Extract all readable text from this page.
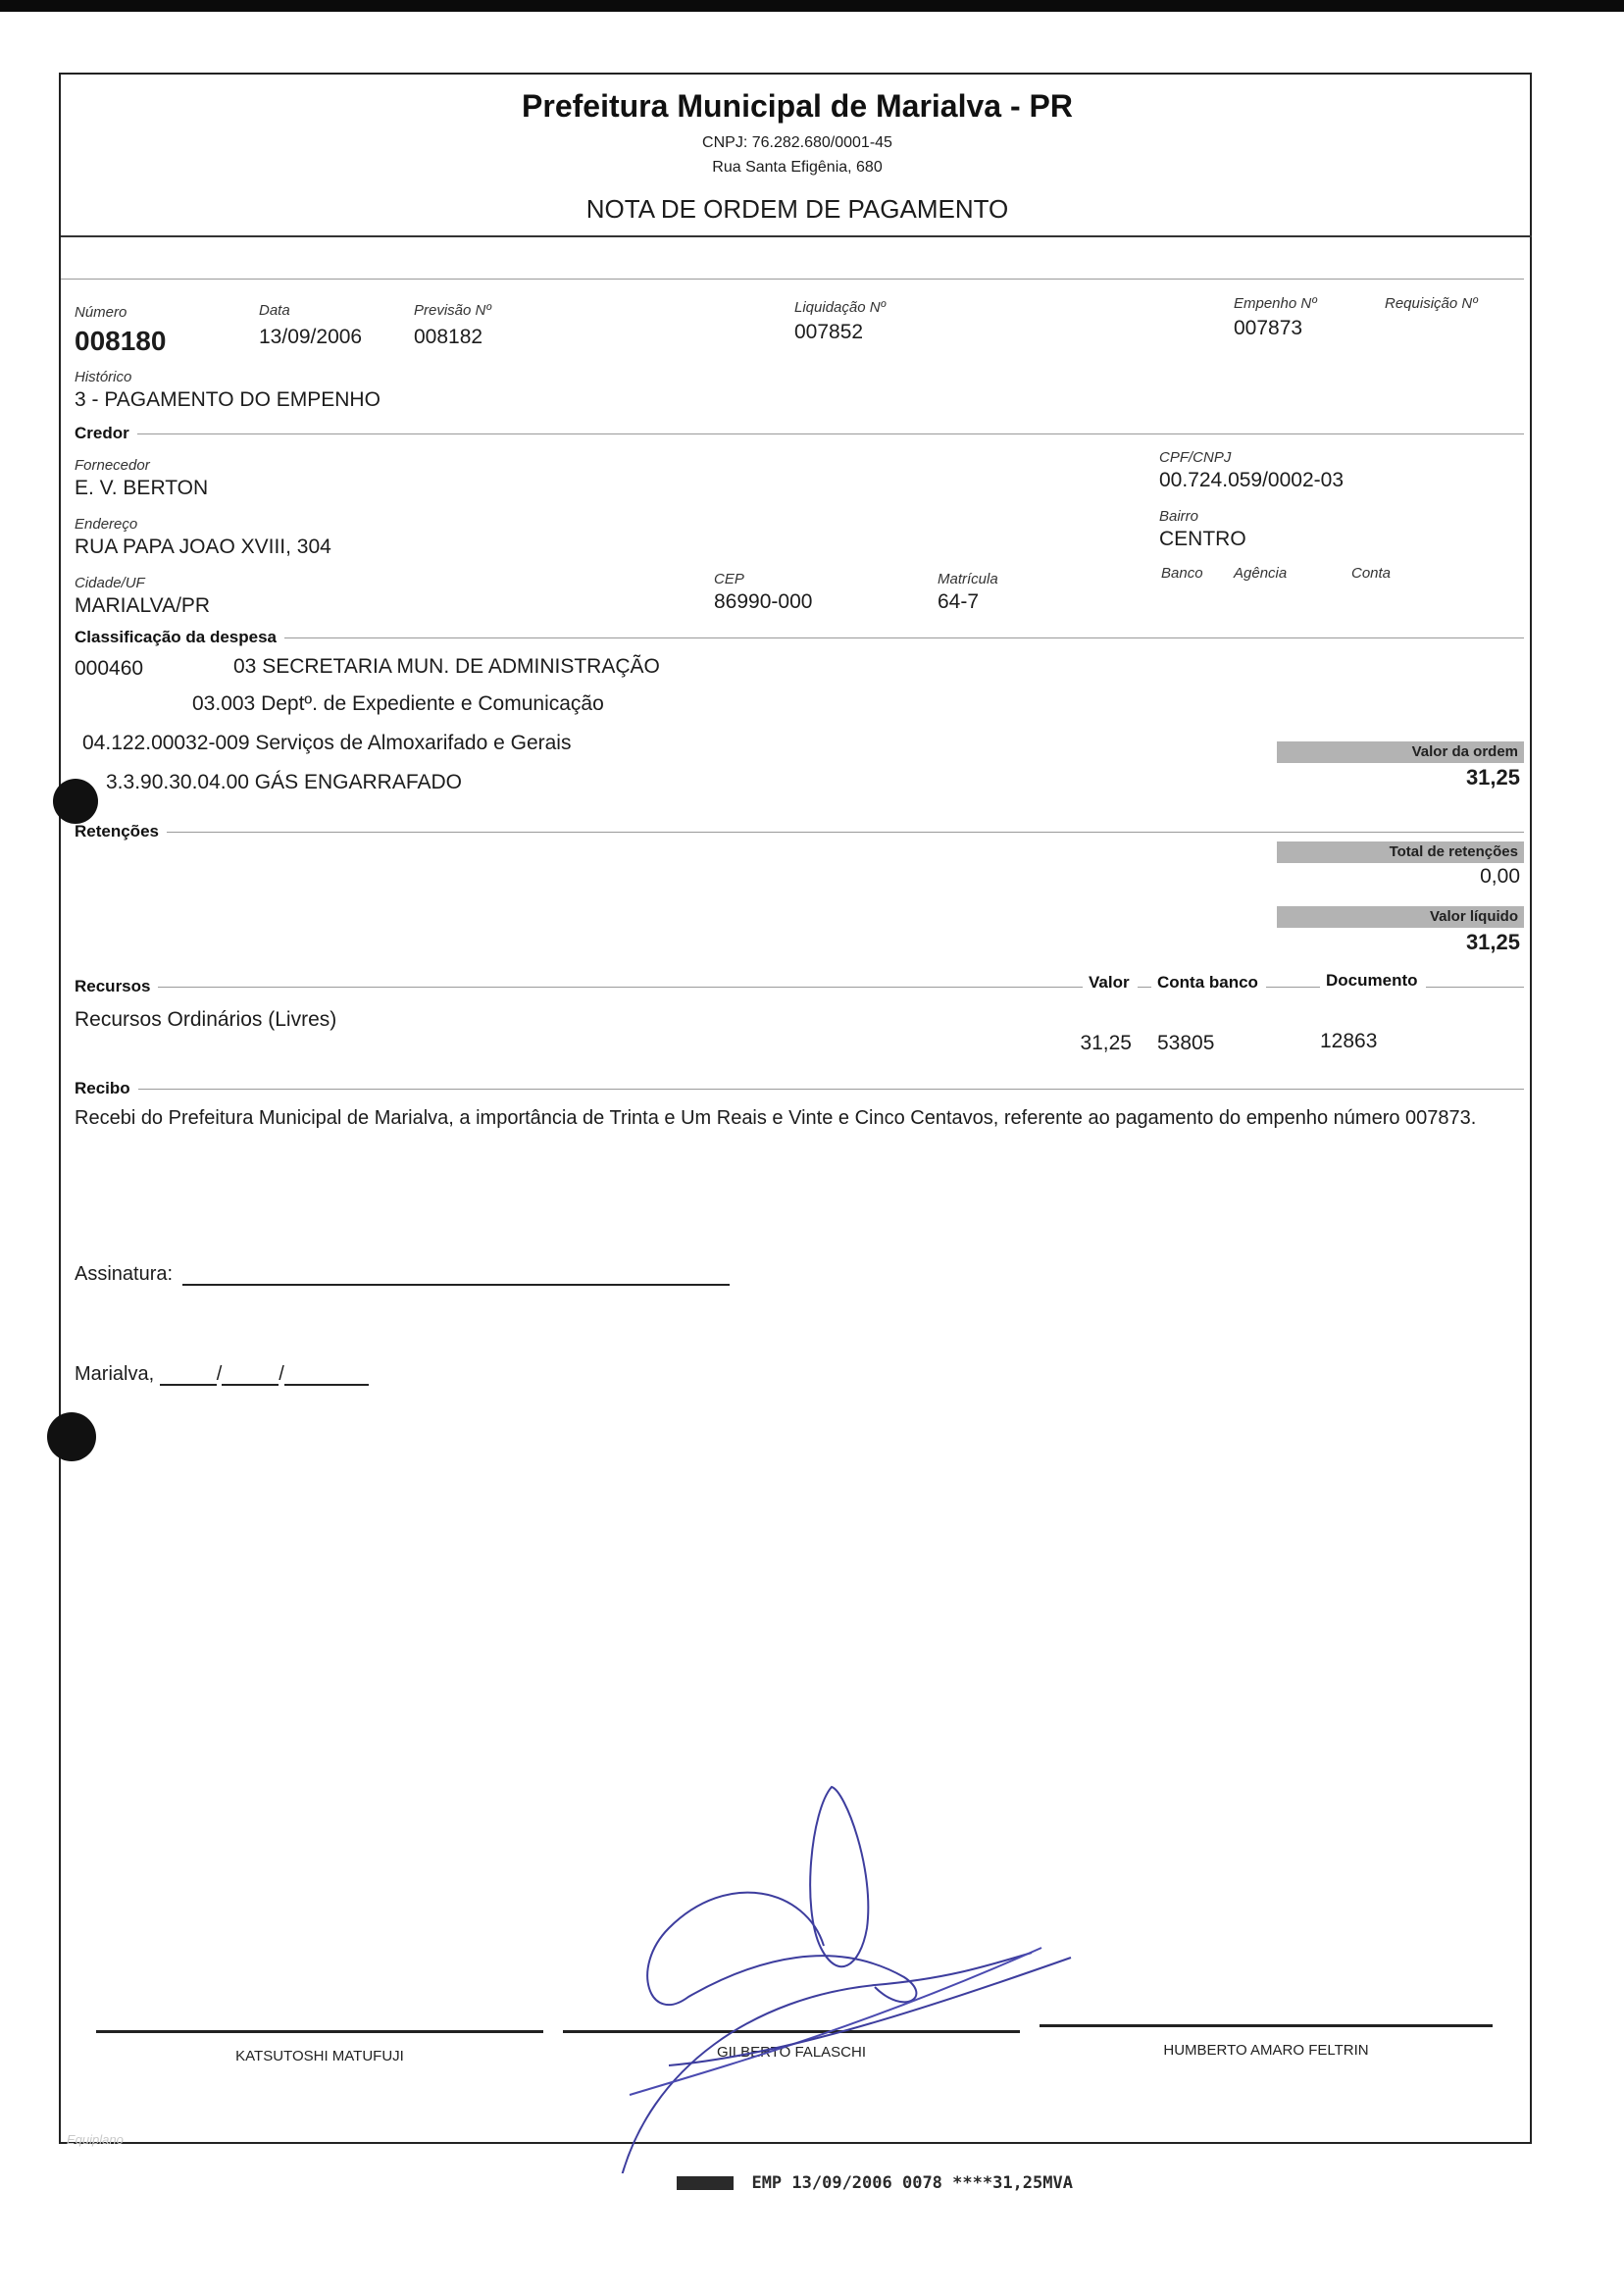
Prefeitura Municipal de Marialva - PR
CNPJ: 76.282.680/0001-45
Rua Santa Efigênia, 680
NOTA DE ORDEM DE PAGAMENTO
Número
008180
Data
13/09/2006
Previsão Nº
008182
Liquidação Nº
007852
Empenho Nº
007873
Requisição Nº
Histórico
3 - PAGAMENTO DO EMPENHO
Credor
Fornecedor
E. V. BERTON
CPF/CNPJ
00.724.059/0002-03
Endereço
RUA PAPA JOAO XVIII, 304
Bairro
CENTRO
Cidade/UF
MARIALVA/PR
CEP
86990-000
Matrícula
64-7
Banco Agência	Conta
Classificação da despesa
000460	03 SECRETARIA MUN. DE ADMINISTRAÇÃO
03.003 Deptº. de Expediente e Comunicação
04.122.00032-009 Serviços de Almoxarifado e Gerais
3.3.90.30.04.00 GÁS ENGARRAFADO
Valor da ordem
31,25
Retenções
Total de retenções
0,00
Valor líquido
31,25
Recursos	Valor	Conta banco	Documento
Recursos Ordinários (Livres)
31,25 53805	12863
Recibo
Recebi do Prefeitura Municipal de Marialva, a importância de Trinta e Um Reais e Vinte e Cinco Centavos, referente ao pagamento do empenho número 007873.
Assinatura:
Marialva,	/	/
KATSUTOSHI MATUFUJI	GILBERTO FALASCHI	HUMBERTO AMARO FELTRIN
Equiplano
EMP 13/09/2006 0078 ****31,25MVA
